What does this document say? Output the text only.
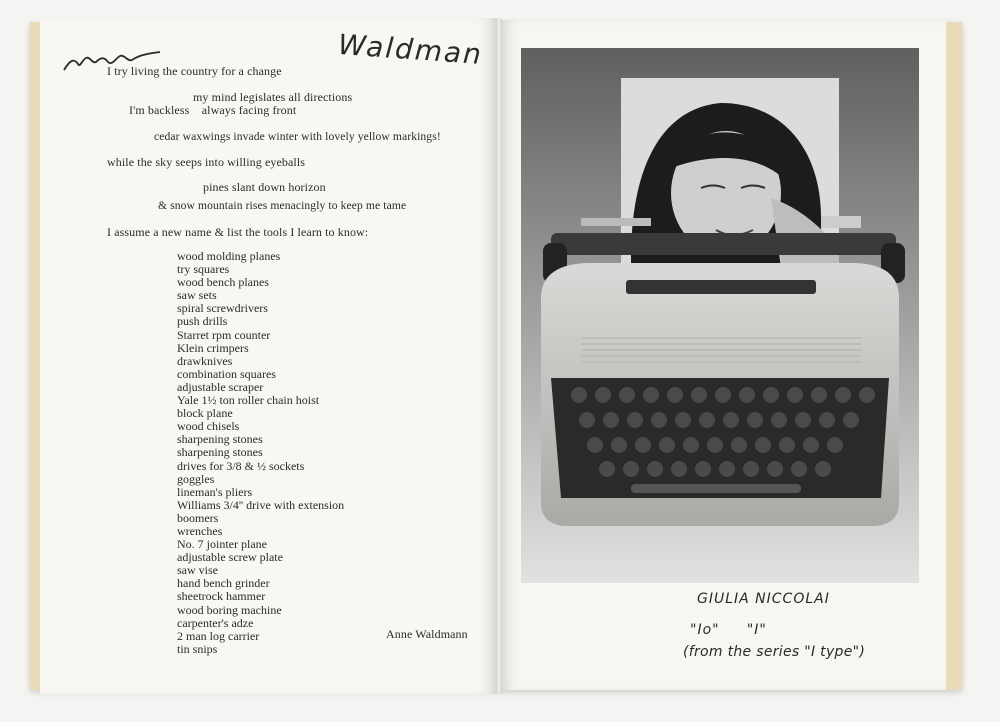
Waldman
I try living the country for a change
my mind legislates all directions
I'm backless    always facing front
cedar waxwings invade winter with lovely yellow markings!
while the sky seeps into willing eyeballs
pines slant down horizon
& snow mountain rises menacingly to keep me tame
I assume a new name & list the tools I learn to know:
wood molding planes
try squares
wood bench planes
saw sets
spiral screwdrivers
push drills
Starret rpm counter
Klein crimpers
drawknives
combination squares
adjustable scraper
Yale 1½ ton roller chain hoist
block plane
wood chisels
sharpening stones
sharpening stones
drives for 3/8 & ½ sockets
goggles
lineman's pliers
Williams 3/4'' drive with extension
boomers
wrenches
No. 7 jointer plane
adjustable screw plate
saw vise
hand bench grinder
sheetrock hammer
wood boring machine
carpenter's adze
2 man log carrier
tin snips
Anne Waldmann
GIULIA NICCOLAI
"Io"     "I"
(from the series "I type")
